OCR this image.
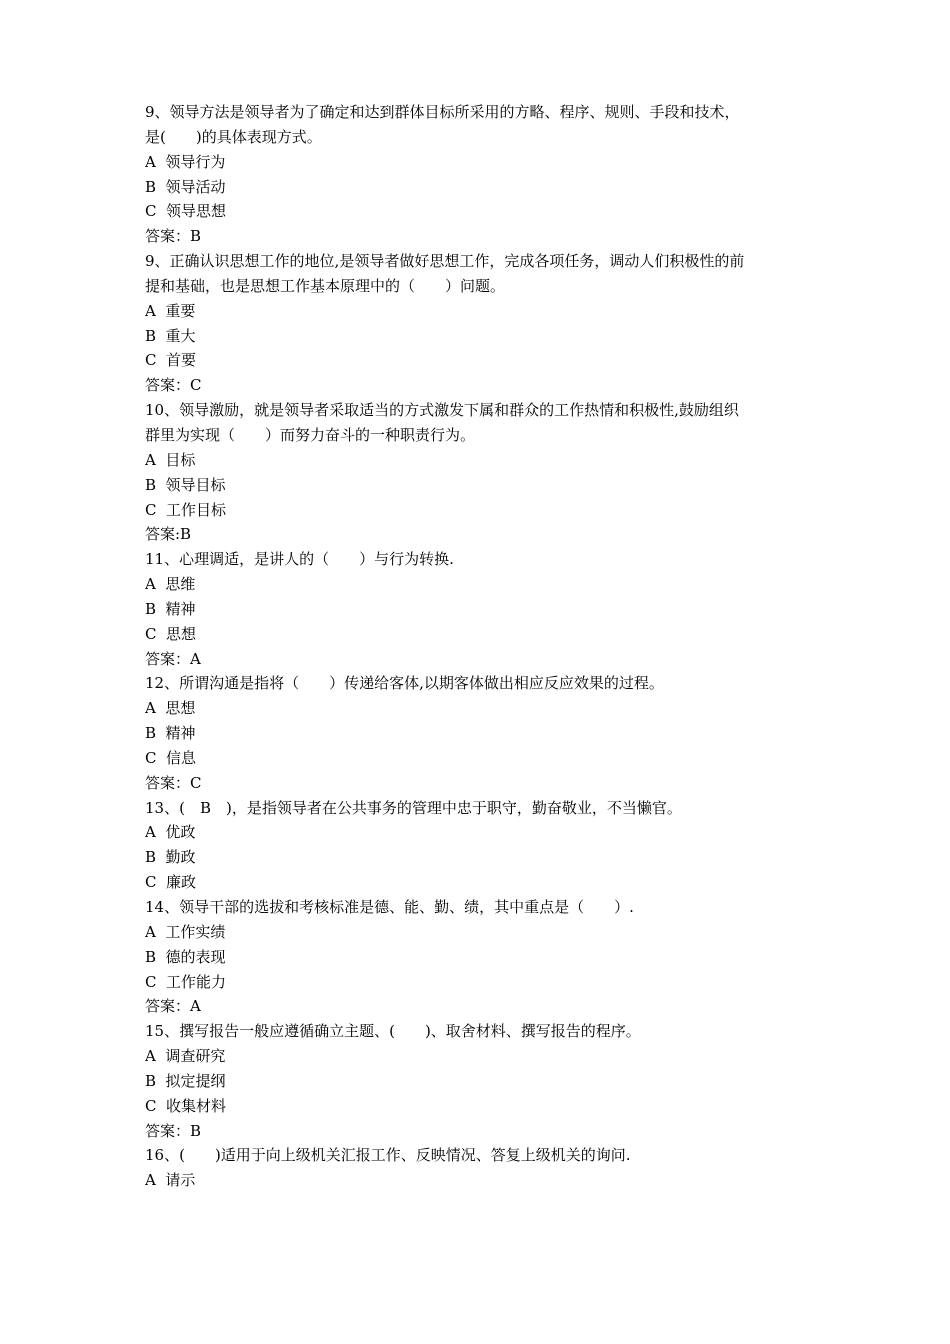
9、领导方法是领导者为了确定和达到群体目标所采用的方略、程序、规则、手段和技术，
是(　　)的具体表现方式。
A  领导行为
B  领导活动
C  领导思想
答案：B
9、正确认识思想工作的地位,是领导者做好思想工作，完成各项任务，调动人们积极性的前
提和基础，也是思想工作基本原理中的（　　）问题。
A  重要
B  重大
C  首要
答案：C
10、领导激励，就是领导者采取适当的方式激发下属和群众的工作热情和积极性,鼓励组织
群里为实现（　　）而努力奋斗的一种职责行为。
A  目标
B  领导目标
C  工作目标
答案:B
11、心理调适，是讲人的（　　）与行为转换.
A  思维
B  精神
C  思想
答案：A
12、所谓沟通是指将（　　）传递给客体,以期客体做出相应反应效果的过程。
A  思想
B  精神
C  信息
答案：C
13、(　B　)，是指领导者在公共事务的管理中忠于职守，勤奋敬业，不当懒官。
A  优政
B  勤政
C  廉政
14、领导干部的选拔和考核标准是德、能、勤、绩，其中重点是（　　）.
A  工作实绩
B  德的表现
C  工作能力
答案：A
15、撰写报告一般应遵循确立主题、(　　)、取舍材料、撰写报告的程序。
A  调查研究
B  拟定提纲
C  收集材料
答案：B
16、(　　)适用于向上级机关汇报工作、反映情况、答复上级机关的询问.
A  请示
